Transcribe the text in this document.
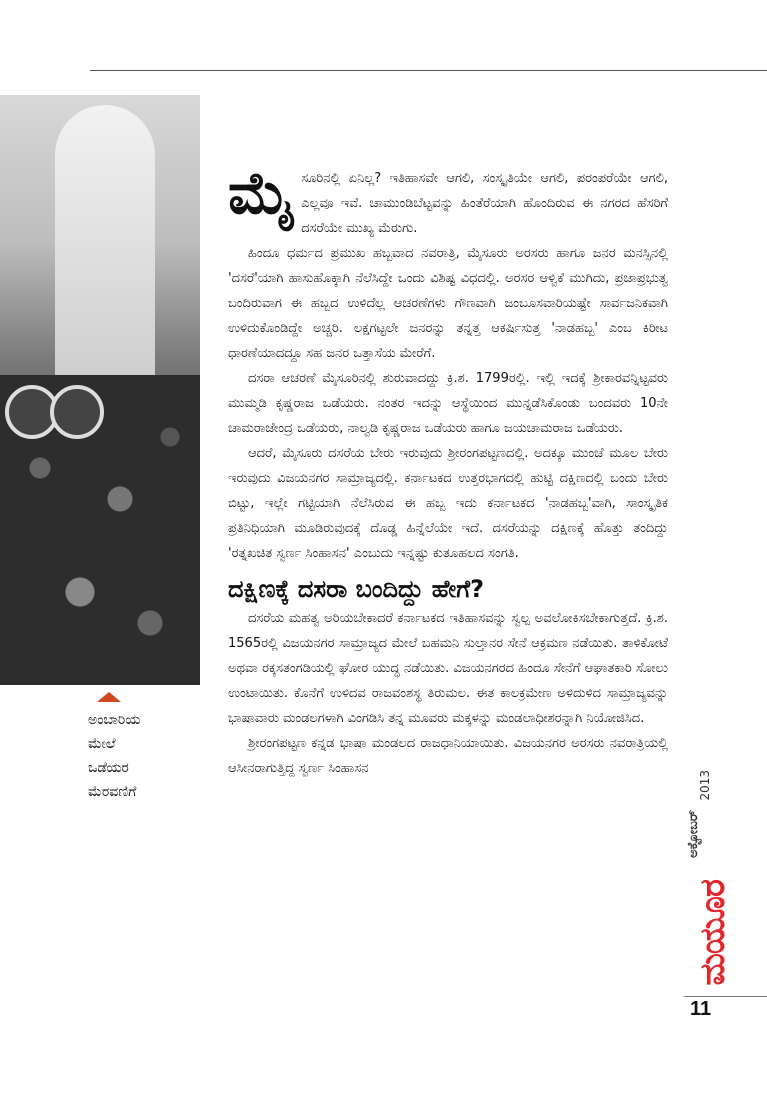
ಅಂಬಾರಿಯ
ಮೇಲೆ
ಒಡೆಯರ
ಮೆರವಣಿಗೆ

ಮೈಸೂರಿನಲ್ಲಿ ಏನಿಲ್ಲ? ಇತಿಹಾಸವೇ ಆಗಲಿ, ಸಂಸ್ಕೃತಿಯೇ ಆಗಲಿ, ಪರಂಪರೆಯೇ ಆಗಲಿ, ಎಲ್ಲವೂ ಇವೆ. ಚಾಮುಂಡಿಬೆಟ್ಟವನ್ನು ಹಿಂತೆರೆಯಾಗಿ ಹೊಂದಿರುವ ಈ ನಗರದ ಹೆಸರಿಗೆ ದಸರೆಯೇ ಮುಖ್ಯ ಮೆರುಗು.

ಹಿಂದೂ ಧರ್ಮದ ಪ್ರಮುಖ ಹಬ್ಬವಾದ ನವರಾತ್ರಿ, ಮೈಸೂರು ಅರಸರು ಹಾಗೂ ಜನರ ಮನಸ್ಸಿನಲ್ಲಿ 'ದಸರೆ'ಯಾಗಿ ಹಾಸುಹೊಕ್ಕಾಗಿ ನೆಲೆಸಿದ್ದೇ ಒಂದು ವಿಶಿಷ್ಟ ವಿಧದಲ್ಲಿ. ಅರಸರ ಆಳ್ವಿಕೆ ಮುಗಿದು, ಪ್ರಜಾಪ್ರಭುತ್ವ ಬಂದಿರುವಾಗ ಈ ಹಬ್ಬದ ಉಳಿದೆಲ್ಲ ಆಚರಣೆಗಳು ಗೌಣವಾಗಿ ಜಂಬೂಸವಾರಿಯಷ್ಟೇ ಸಾರ್ವಜನಿಕವಾಗಿ ಉಳಿದುಕೊಂಡಿದ್ದೇ ಅಚ್ಚರಿ. ಲಕ್ಷಗಟ್ಟಲೇ ಜನರನ್ನು ತನ್ನತ್ತ ಆಕರ್ಷಿಸುತ್ತ 'ನಾಡಹಬ್ಬ' ಎಂಬ ಕಿರೀಟ ಧಾರಣೆಯಾದದ್ದೂ ಸಹ ಜನರ ಒತ್ತಾಸೆಯ ಮೇರೆಗೆ.

ದಸರಾ ಆಚರಣೆ ಮೈಸೂರಿನಲ್ಲಿ ಶುರುವಾದದ್ದು ಕ್ರಿ.ಶ. 1799ರಲ್ಲಿ. ಇಲ್ಲಿ ಇದಕ್ಕೆ ಶ್ರೀಕಾರವನ್ನಿಟ್ಟವರು ಮುಮ್ಮಡಿ ಕೃಷ್ಣರಾಜ ಒಡೆಯರು. ನಂತರ ಇದನ್ನು ಆಸ್ಥೆಯಿಂದ ಮುನ್ನಡೆಸಿಕೊಂಡು ಬಂದವರು 10ನೇ ಚಾಮರಾಜೇಂದ್ರ ಒಡೆಯರು, ನಾಲ್ವಡಿ ಕೃಷ್ಣರಾಜ ಒಡೆಯರು ಹಾಗೂ ಜಯಚಾಮರಾಜ ಒಡೆಯರು.

ಆದರೆ, ಮೈಸೂರು ದಸರೆಯ ಬೇರು ಇರುವುದು ಶ್ರೀರಂಗಪಟ್ಟಣದಲ್ಲಿ. ಅದಕ್ಕೂ ಮುಂಚೆ ಮೂಲ ಬೇರು ಇರುವುದು ವಿಜಯನಗರ ಸಾಮ್ರಾಜ್ಯದಲ್ಲಿ. ಕರ್ನಾಟಕದ ಉತ್ತರಭಾಗದಲ್ಲಿ ಹುಟ್ಟಿ ದಕ್ಷಿಣದಲ್ಲಿ ಬಂದು ಬೇರು ಬಿಟ್ಟು, ಇಲ್ಲೇ ಗಟ್ಟಿಯಾಗಿ ನೆಲೆಸಿರುವ ಈ ಹಬ್ಬ ಇದು ಕರ್ನಾಟಕದ 'ನಾಡಹಬ್ಬ'ವಾಗಿ, ಸಾಂಸ್ಕೃತಿಕ ಪ್ರತಿನಿಧಿಯಾಗಿ ಮೂಡಿರುವುದಕ್ಕೆ ದೊಡ್ಡ ಹಿನ್ನೆಲೆಯೇ ಇದೆ. ದಸರೆಯನ್ನು ದಕ್ಷಿಣಕ್ಕೆ ಹೊತ್ತು ತಂದಿದ್ದು 'ರತ್ನಖಚಿತ ಸ್ವರ್ಣ ಸಿಂಹಾಸನ' ಎಂಬುದು ಇನ್ನಷ್ಟು ಕುತೂಹಲದ ಸಂಗತಿ.

ದಕ್ಷಿಣಕ್ಕೆ ದಸರಾ ಬಂದಿದ್ದು ಹೇಗೆ?

ದಸರೆಯ ಮಹತ್ವ ಅರಿಯಬೇಕಾದರೆ ಕರ್ನಾಟಕದ ಇತಿಹಾಸವನ್ನು ಸ್ವಲ್ಪ ಅವಲೋಕಿಸಬೇಕಾಗುತ್ತದೆ. ಕ್ರಿ.ಶ. 1565ರಲ್ಲಿ ವಿಜಯನಗರ ಸಾಮ್ರಾಜ್ಯದ ಮೇಲೆ ಬಹಮನಿ ಸುಲ್ತಾನರ ಸೇನೆ ಆಕ್ರಮಣ ನಡೆಯಿತು. ತಾಳಿಕೋಟೆ ಅಥವಾ ರಕ್ಕಸತಂಗಡಿಯಲ್ಲಿ ಘೋರ ಯುದ್ಧ ನಡೆಯಿತು. ವಿಜಯನಗರದ ಹಿಂದೂ ಸೇನೆಗೆ ಆಘಾತಕಾರಿ ಸೋಲು ಉಂಟಾಯಿತು. ಕೊನೆಗೆ ಉಳಿದವ ರಾಜವಂಶಸ್ಥ ತಿರುಮಲ. ಈತ ಕಾಲಕ್ರಮೇಣ ಅಳಿದುಳಿದ ಸಾಮ್ರಾಜ್ಯವನ್ನು ಭಾಷಾವಾರು ಮಂಡಲಗಳಾಗಿ ವಿಂಗಡಿಸಿ ತನ್ನ ಮೂವರು ಮಕ್ಕಳನ್ನು ಮಂಡಲಾಧೀಶರನ್ನಾಗಿ ನಿಯೋಜಿಸಿದ.

ಶ್ರೀರಂಗಪಟ್ಟಣ ಕನ್ನಡ ಭಾಷಾ ಮಂಡಲದ ರಾಜಧಾನಿಯಾಯಿತು. ವಿಜಯನಗರ ಅರಸರು ನವರಾತ್ರಿಯಲ್ಲಿ ಆಸೀನರಾಗುತ್ತಿದ್ದ ಸ್ವರ್ಣ ಸಿಂಹಾಸನ

2013
ಅಕ್ಟೋಬರ್
ಮಯೂರ
11
